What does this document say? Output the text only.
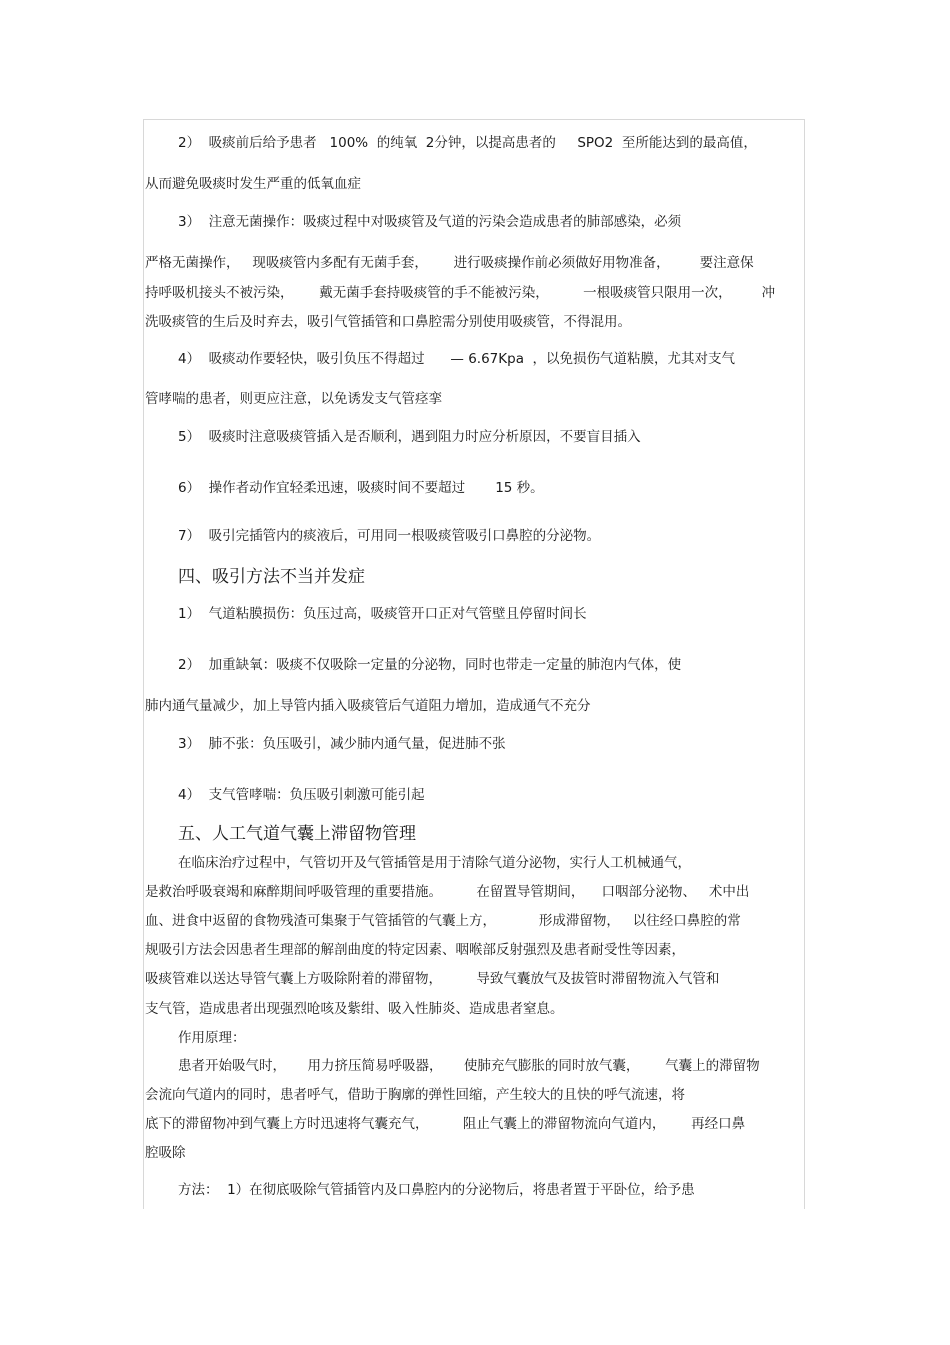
2）  吸痰前后给予患者   100%  的纯氧  2分钟，以提高患者的     SPO2  至所能达到的最高值，
从而避免吸痰时发生严重的低氧血症
3）  注意无菌操作：吸痰过程中对吸痰管及气道的污染会造成患者的肺部感染，必须
严格无菌操作，   现吸痰管内多配有无菌手套，      进行吸痰操作前必须做好用物准备，       要注意保
持呼吸机接头不被污染，      戴无菌手套持吸痰管的手不能被污染，        一根吸痰管只限用一次，       冲
洗吸痰管的生后及时弃去，吸引气管插管和口鼻腔需分别使用吸痰管，不得混用。
4）  吸痰动作要轻快，吸引负压不得超过      — 6.67Kpa  ，以免损伤气道粘膜，尤其对支气
管哮喘的患者，则更应注意，以免诱发支气管痉挛
5）  吸痰时注意吸痰管插入是否顺利，遇到阻力时应分析原因，不要盲目插入
6）  操作者动作宜轻柔迅速，吸痰时间不要超过       15 秒。
7）  吸引完插管内的痰液后，可用同一根吸痰管吸引口鼻腔的分泌物。
四、吸引方法不当并发症
1）  气道粘膜损伤：负压过高，吸痰管开口正对气管壁且停留时间长
2）  加重缺氧：吸痰不仅吸除一定量的分泌物，同时也带走一定量的肺泡内气体，使
肺内通气量减少，加上导管内插入吸痰管后气道阻力增加，造成通气不充分
3）  肺不张：负压吸引，减少肺内通气量，促进肺不张
4）  支气管哮喘：负压吸引刺激可能引起
五、人工气道气囊上滞留物管理
在临床治疗过程中，气管切开及气管插管是用于清除气道分泌物，实行人工机械通气，
是救治呼吸衰竭和麻醉期间呼吸管理的重要措施。        在留置导管期间，    口咽部分泌物、   术中出
血、进食中返留的食物残渣可集聚于气管插管的气囊上方，          形成滞留物，   以往经口鼻腔的常
规吸引方法会因患者生理部的解剖曲度的特定因素、咽喉部反射强烈及患者耐受性等因素，
吸痰管难以送达导管气囊上方吸除附着的滞留物，        导致气囊放气及拔管时滞留物流入气管和
支气管，造成患者出现强烈呛咳及紫绀、吸入性肺炎、造成患者窒息。
作用原理：
患者开始吸气时，     用力挤压简易呼吸器，     使肺充气膨胀的同时放气囊，      气囊上的滞留物
会流向气道内的同时，患者呼气，借助于胸廓的弹性回缩，产生较大的且快的呼气流速，将
底下的滞留物冲到气囊上方时迅速将气囊充气，        阻止气囊上的滞留物流向气道内，      再经口鼻
腔吸除
方法：  1）在彻底吸除气管插管内及口鼻腔内的分泌物后，将患者置于平卧位，给予患
